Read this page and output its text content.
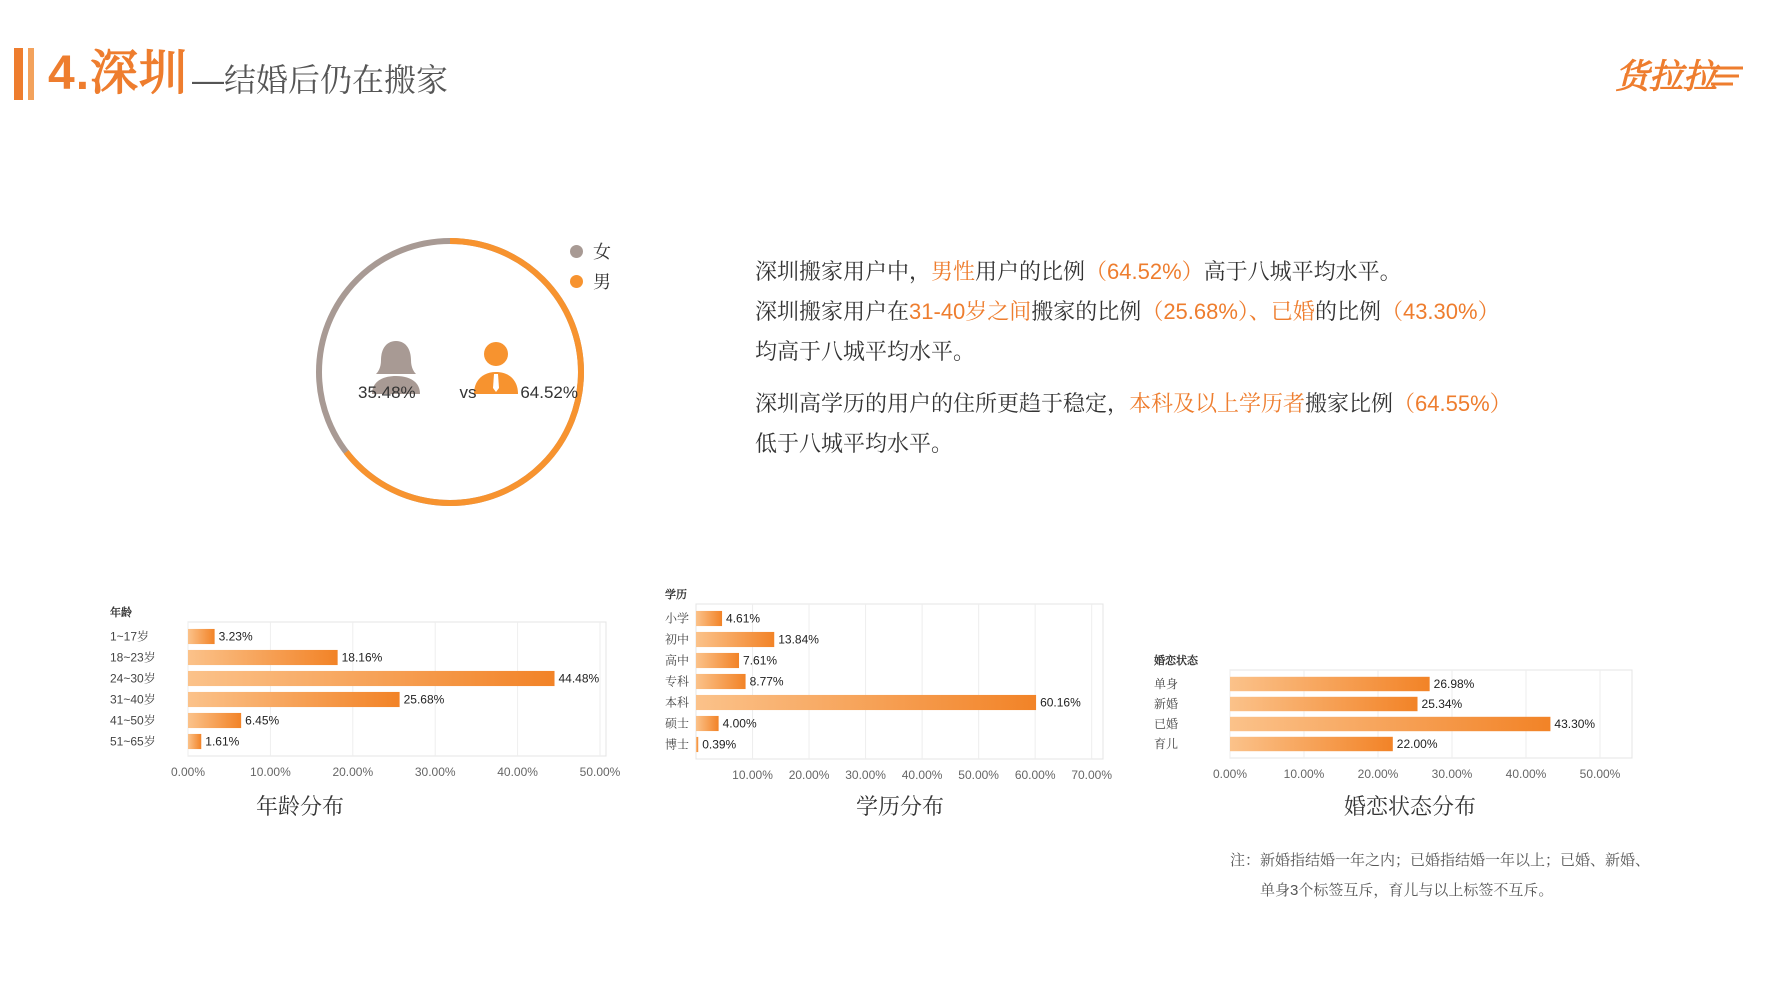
4.深圳 —结婚后仍在搬家	货拉拉
女
男
35.48%	vs	64.52%

深圳搬家用户中，男性用户的比例（64.52%）高于八城平均水平。

深圳搬家用户在31-40岁之间搬家的比例（25.68%）、已婚的比例（43.30%）

均高于八城平均水平。

深圳高学历的用户的住所更趋于稳定，本科及以上学历者搬家比例（64.55%）

低于八城平均水平。

0.00%	10.00%	20.00%	30.00%	40.00%	50.00%
年龄
1~17岁	3.23%
18~23岁	18.16%
24~30岁	44.48%
31~40岁	25.68%
41~50岁	6.45%
51~65岁	1.61%
年龄分布
10.00% 20.00% 30.00% 40.00% 50.00% 60.00% 70.00%
学历
小学	4.61%
初中	13.84%
高中	7.61%
专科	8.77%
本科	60.16%
硕士	4.00%
博士 0.39%
学历分布
0.00%	10.00%	20.00%	30.00%	40.00%	50.00%
婚恋状态
单身	26.98%
新婚	25.34%
已婚	43.30%
育儿	22.00%
婚恋状态分布
注：新婚指结婚一年之内；已婚指结婚一年以上；已婚、新婚、
单身3个标签互斥，育儿与以上标签不互斥。
